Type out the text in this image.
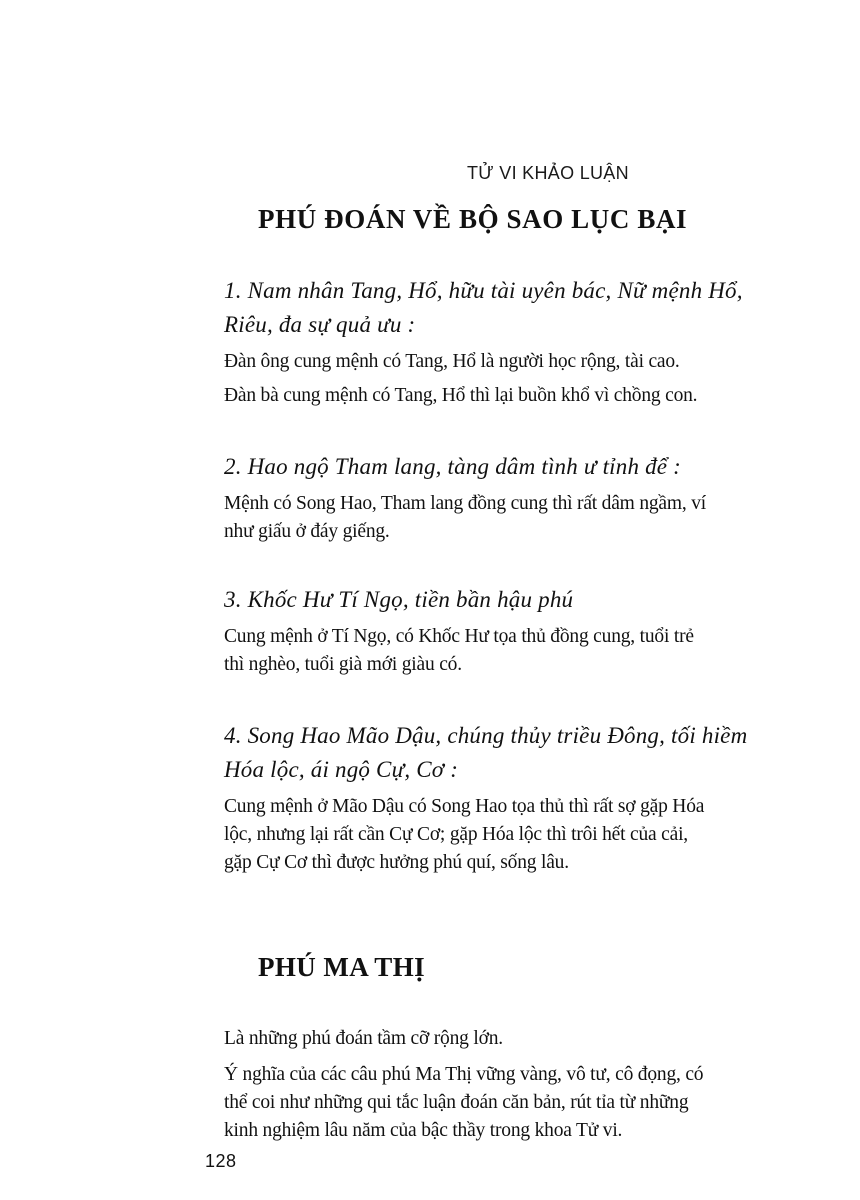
TỬ VI KHẢO LUẬN
PHÚ ĐOÁN VỀ BỘ SAO LỤC BẠI
1. Nam nhân Tang, Hổ, hữu tài uyên bác, Nữ mệnh Hổ,
Riêu, đa sự quả ưu :
Đàn ông cung mệnh có Tang, Hổ là người học rộng, tài cao.
Đàn bà cung mệnh có Tang, Hổ thì lại buồn khổ vì chồng con.
2. Hao ngộ Tham lang, tàng dâm tình ư tỉnh để :
Mệnh có Song Hao, Tham lang đồng cung thì rất dâm ngầm, ví
như giấu ở đáy giếng.
3. Khốc Hư Tí Ngọ, tiền bần hậu phú
Cung mệnh ở Tí Ngọ, có Khốc Hư tọa thủ đồng cung, tuổi trẻ
thì nghèo, tuổi già mới giàu có.
4. Song Hao Mão Dậu, chúng thủy triều Đông, tối hiềm
Hóa lộc, ái ngộ Cự, Cơ :
Cung mệnh ở Mão Dậu có Song Hao tọa thủ thì rất sợ gặp Hóa
lộc, nhưng lại rất cần Cự Cơ; gặp Hóa lộc thì trôi hết của cải,
gặp Cự Cơ thì được hưởng phú quí, sống lâu.
PHÚ MA THỊ
Là những phú đoán tầm cỡ rộng lớn.
Ý nghĩa của các câu phú Ma Thị vững vàng, vô tư, cô đọng, có
thể coi như những qui tắc luận đoán căn bản, rút tỉa từ những
kinh nghiệm lâu năm của bậc thầy trong khoa Tử vi.
128
